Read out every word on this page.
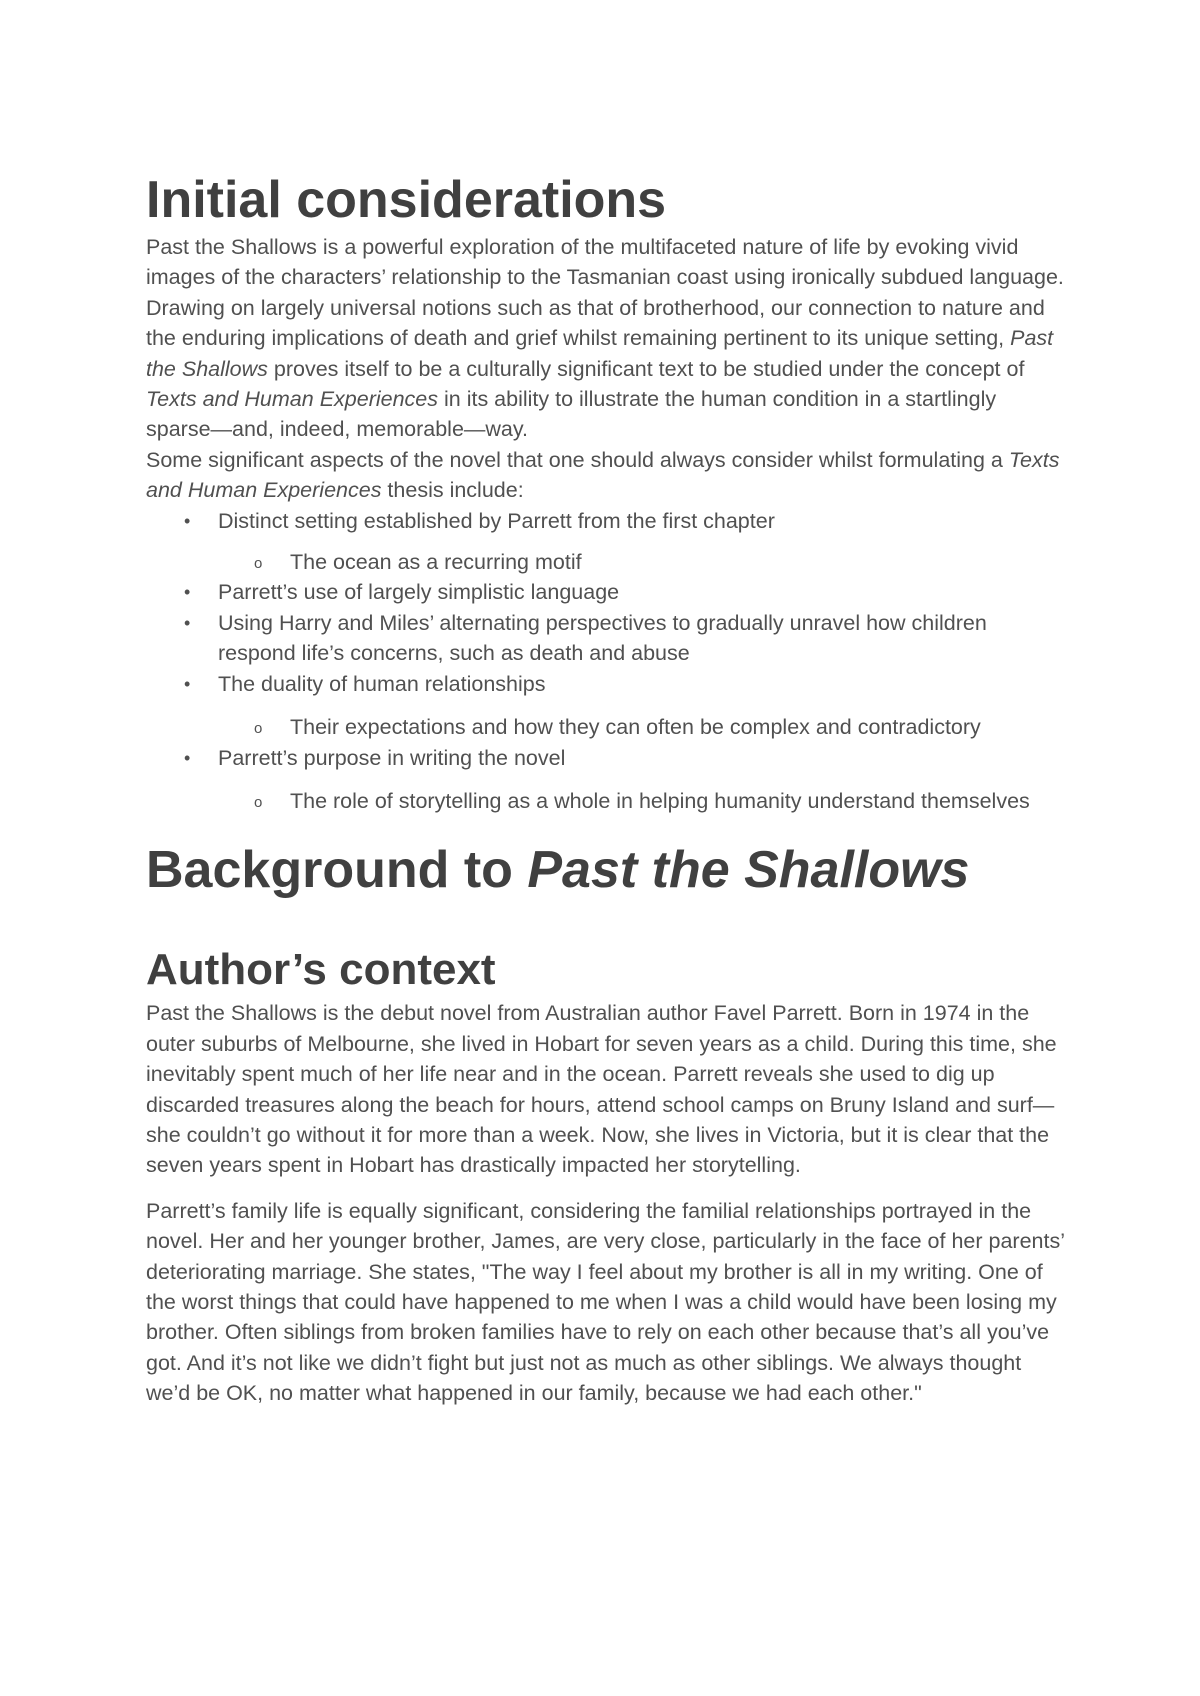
Initial considerations

Past the Shallows is a powerful exploration of the multifaceted nature of life by evoking vivid images of the characters’ relationship to the Tasmanian coast using ironically subdued language. Drawing on largely universal notions such as that of brotherhood, our connection to nature and the enduring implications of death and grief whilst remaining pertinent to its unique setting, Past the Shallows proves itself to be a culturally significant text to be studied under the concept of Texts and Human Experiences in its ability to illustrate the human condition in a startlingly sparse—and, indeed, memorable—way.

Some significant aspects of the novel that one should always consider whilst formulating a Texts and Human Experiences thesis include:

• Distinct setting established by Parrett from the first chapter
o The ocean as a recurring motif
• Parrett’s use of largely simplistic language
• Using Harry and Miles’ alternating perspectives to gradually unravel how children respond life’s concerns, such as death and abuse
• The duality of human relationships
o Their expectations and how they can often be complex and contradictory
• Parrett’s purpose in writing the novel
o The role of storytelling as a whole in helping humanity understand themselves
Background to Past the Shallows
Author’s context

Past the Shallows is the debut novel from Australian author Favel Parrett. Born in 1974 in the outer suburbs of Melbourne, she lived in Hobart for seven years as a child. During this time, she inevitably spent much of her life near and in the ocean. Parrett reveals she used to dig up discarded treasures along the beach for hours, attend school camps on Bruny Island and surf—she couldn’t go without it for more than a week. Now, she lives in Victoria, but it is clear that the seven years spent in Hobart has drastically impacted her storytelling.

Parrett’s family life is equally significant, considering the familial relationships portrayed in the novel. Her and her younger brother, James, are very close, particularly in the face of her parents’ deteriorating marriage. She states, "The way I feel about my brother is all in my writing. One of the worst things that could have happened to me when I was a child would have been losing my brother. Often siblings from broken families have to rely on each other because that’s all you’ve got. And it’s not like we didn’t fight but just not as much as other siblings. We always thought we’d be OK, no matter what happened in our family, because we had each other."
